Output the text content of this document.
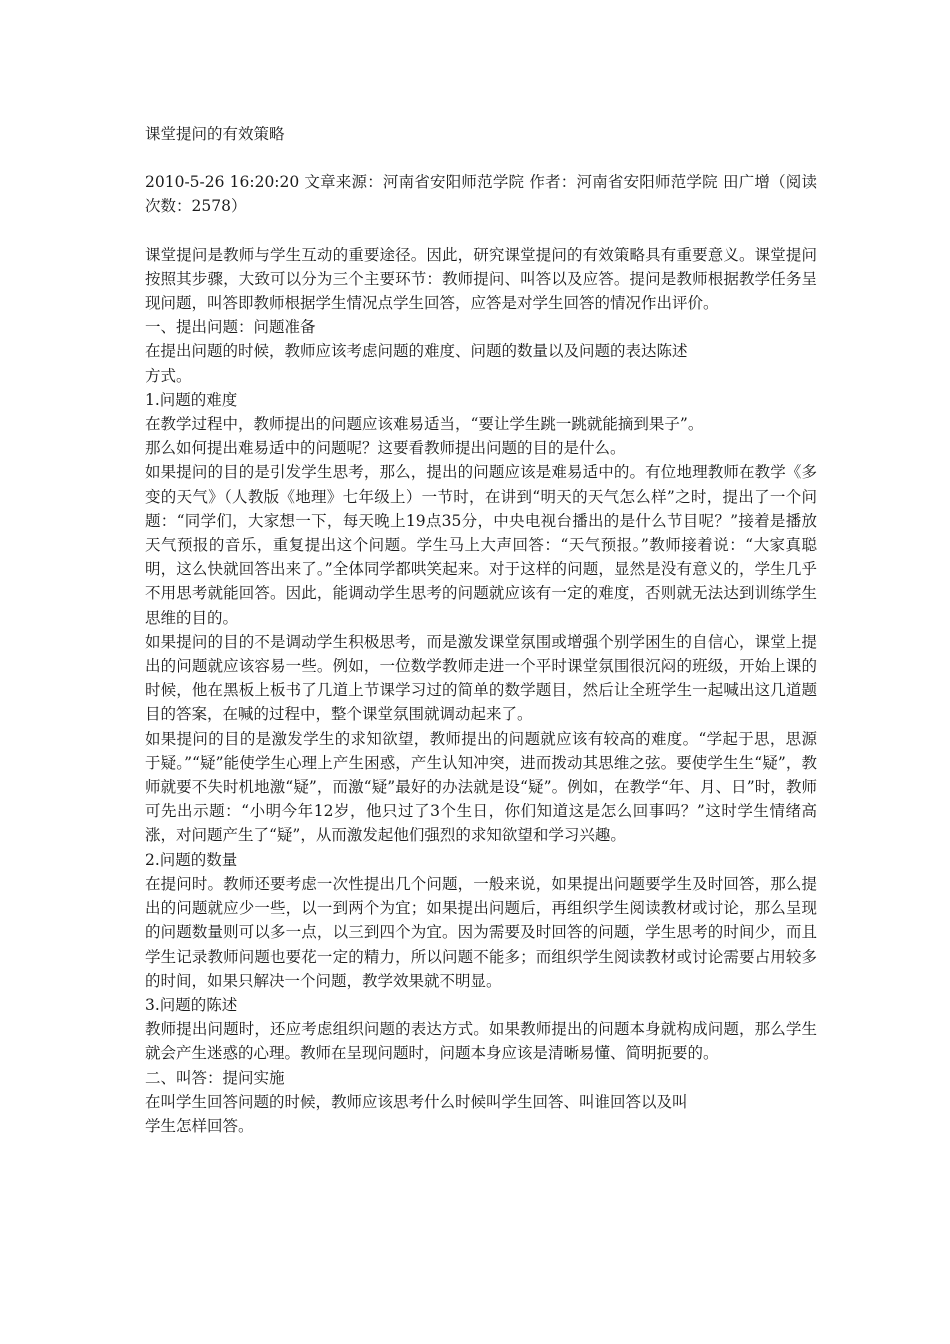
课堂提问的有效策略

2010-5-26 16:20:20 文章来源：河南省安阳师范学院 作者：河南省安阳师范学院 田广增（阅读次数：2578）

课堂提问是教师与学生互动的重要途径。因此，研究课堂提问的有效策略具有重要意义。课堂提问按照其步骤，大致可以分为三个主要环节：教师提问、叫答以及应答。提问是教师根据教学任务呈现问题，叫答即教师根据学生情况点学生回答，应答是对学生回答的情况作出评价。

一、提出问题：问题准备

在提出问题的时候，教师应该考虑问题的难度、问题的数量以及问题的表达陈述

方式。

1.问题的难度

在教学过程中，教师提出的问题应该难易适当，“要让学生跳一跳就能摘到果子”。

那么如何提出难易适中的问题呢？这要看教师提出问题的目的是什么。

如果提问的目的是引发学生思考，那么，提出的问题应该是难易适中的。有位地理教师在教学《多变的天气》（人教版《地理》七年级上）一节时，在讲到“明天的天气怎么样”之时，提出了一个问题：“同学们，大家想一下，每天晚上19点35分，中央电视台播出的是什么节目呢？”接着是播放天气预报的音乐，重复提出这个问题。学生马上大声回答：“天气预报。”教师接着说：“大家真聪明，这么快就回答出来了。”全体同学都哄笑起来。对于这样的问题，显然是没有意义的，学生几乎不用思考就能回答。因此，能调动学生思考的问题就应该有一定的难度，否则就无法达到训练学生思维的目的。

如果提问的目的不是调动学生积极思考，而是激发课堂氛围或增强个别学困生的自信心，课堂上提出的问题就应该容易一些。例如，一位数学教师走进一个平时课堂氛围很沉闷的班级，开始上课的时候，他在黑板上板书了几道上节课学习过的简单的数学题目，然后让全班学生一起喊出这几道题目的答案，在喊的过程中，整个课堂氛围就调动起来了。

如果提问的目的是激发学生的求知欲望，教师提出的问题就应该有较高的难度。“学起于思，思源于疑。”“疑”能使学生心理上产生困惑，产生认知冲突，进而拨动其思维之弦。要使学生生“疑”，教师就要不失时机地激“疑”，而激“疑”最好的办法就是设“疑”。例如，在教学“年、月、日”时，教师可先出示题：“小明今年12岁，他只过了3个生日，你们知道这是怎么回事吗？”这时学生情绪高涨，对问题产生了“疑”，从而激发起他们强烈的求知欲望和学习兴趣。

2.问题的数量

在提问时。教师还要考虑一次性提出几个问题，一般来说，如果提出问题要学生及时回答，那么提出的问题就应少一些，以一到两个为宜；如果提出问题后，再组织学生阅读教材或讨论，那么呈现的问题数量则可以多一点，以三到四个为宜。因为需要及时回答的问题，学生思考的时间少，而且学生记录教师问题也要花一定的精力，所以问题不能多；而组织学生阅读教材或讨论需要占用较多的时间，如果只解决一个问题，教学效果就不明显。

3.问题的陈述

教师提出问题时，还应考虑组织问题的表达方式。如果教师提出的问题本身就构成问题，那么学生就会产生迷惑的心理。教师在呈现问题时，问题本身应该是清晰易懂、简明扼要的。

二、叫答：提问实施

在叫学生回答问题的时候，教师应该思考什么时候叫学生回答、叫谁回答以及叫

学生怎样回答。
